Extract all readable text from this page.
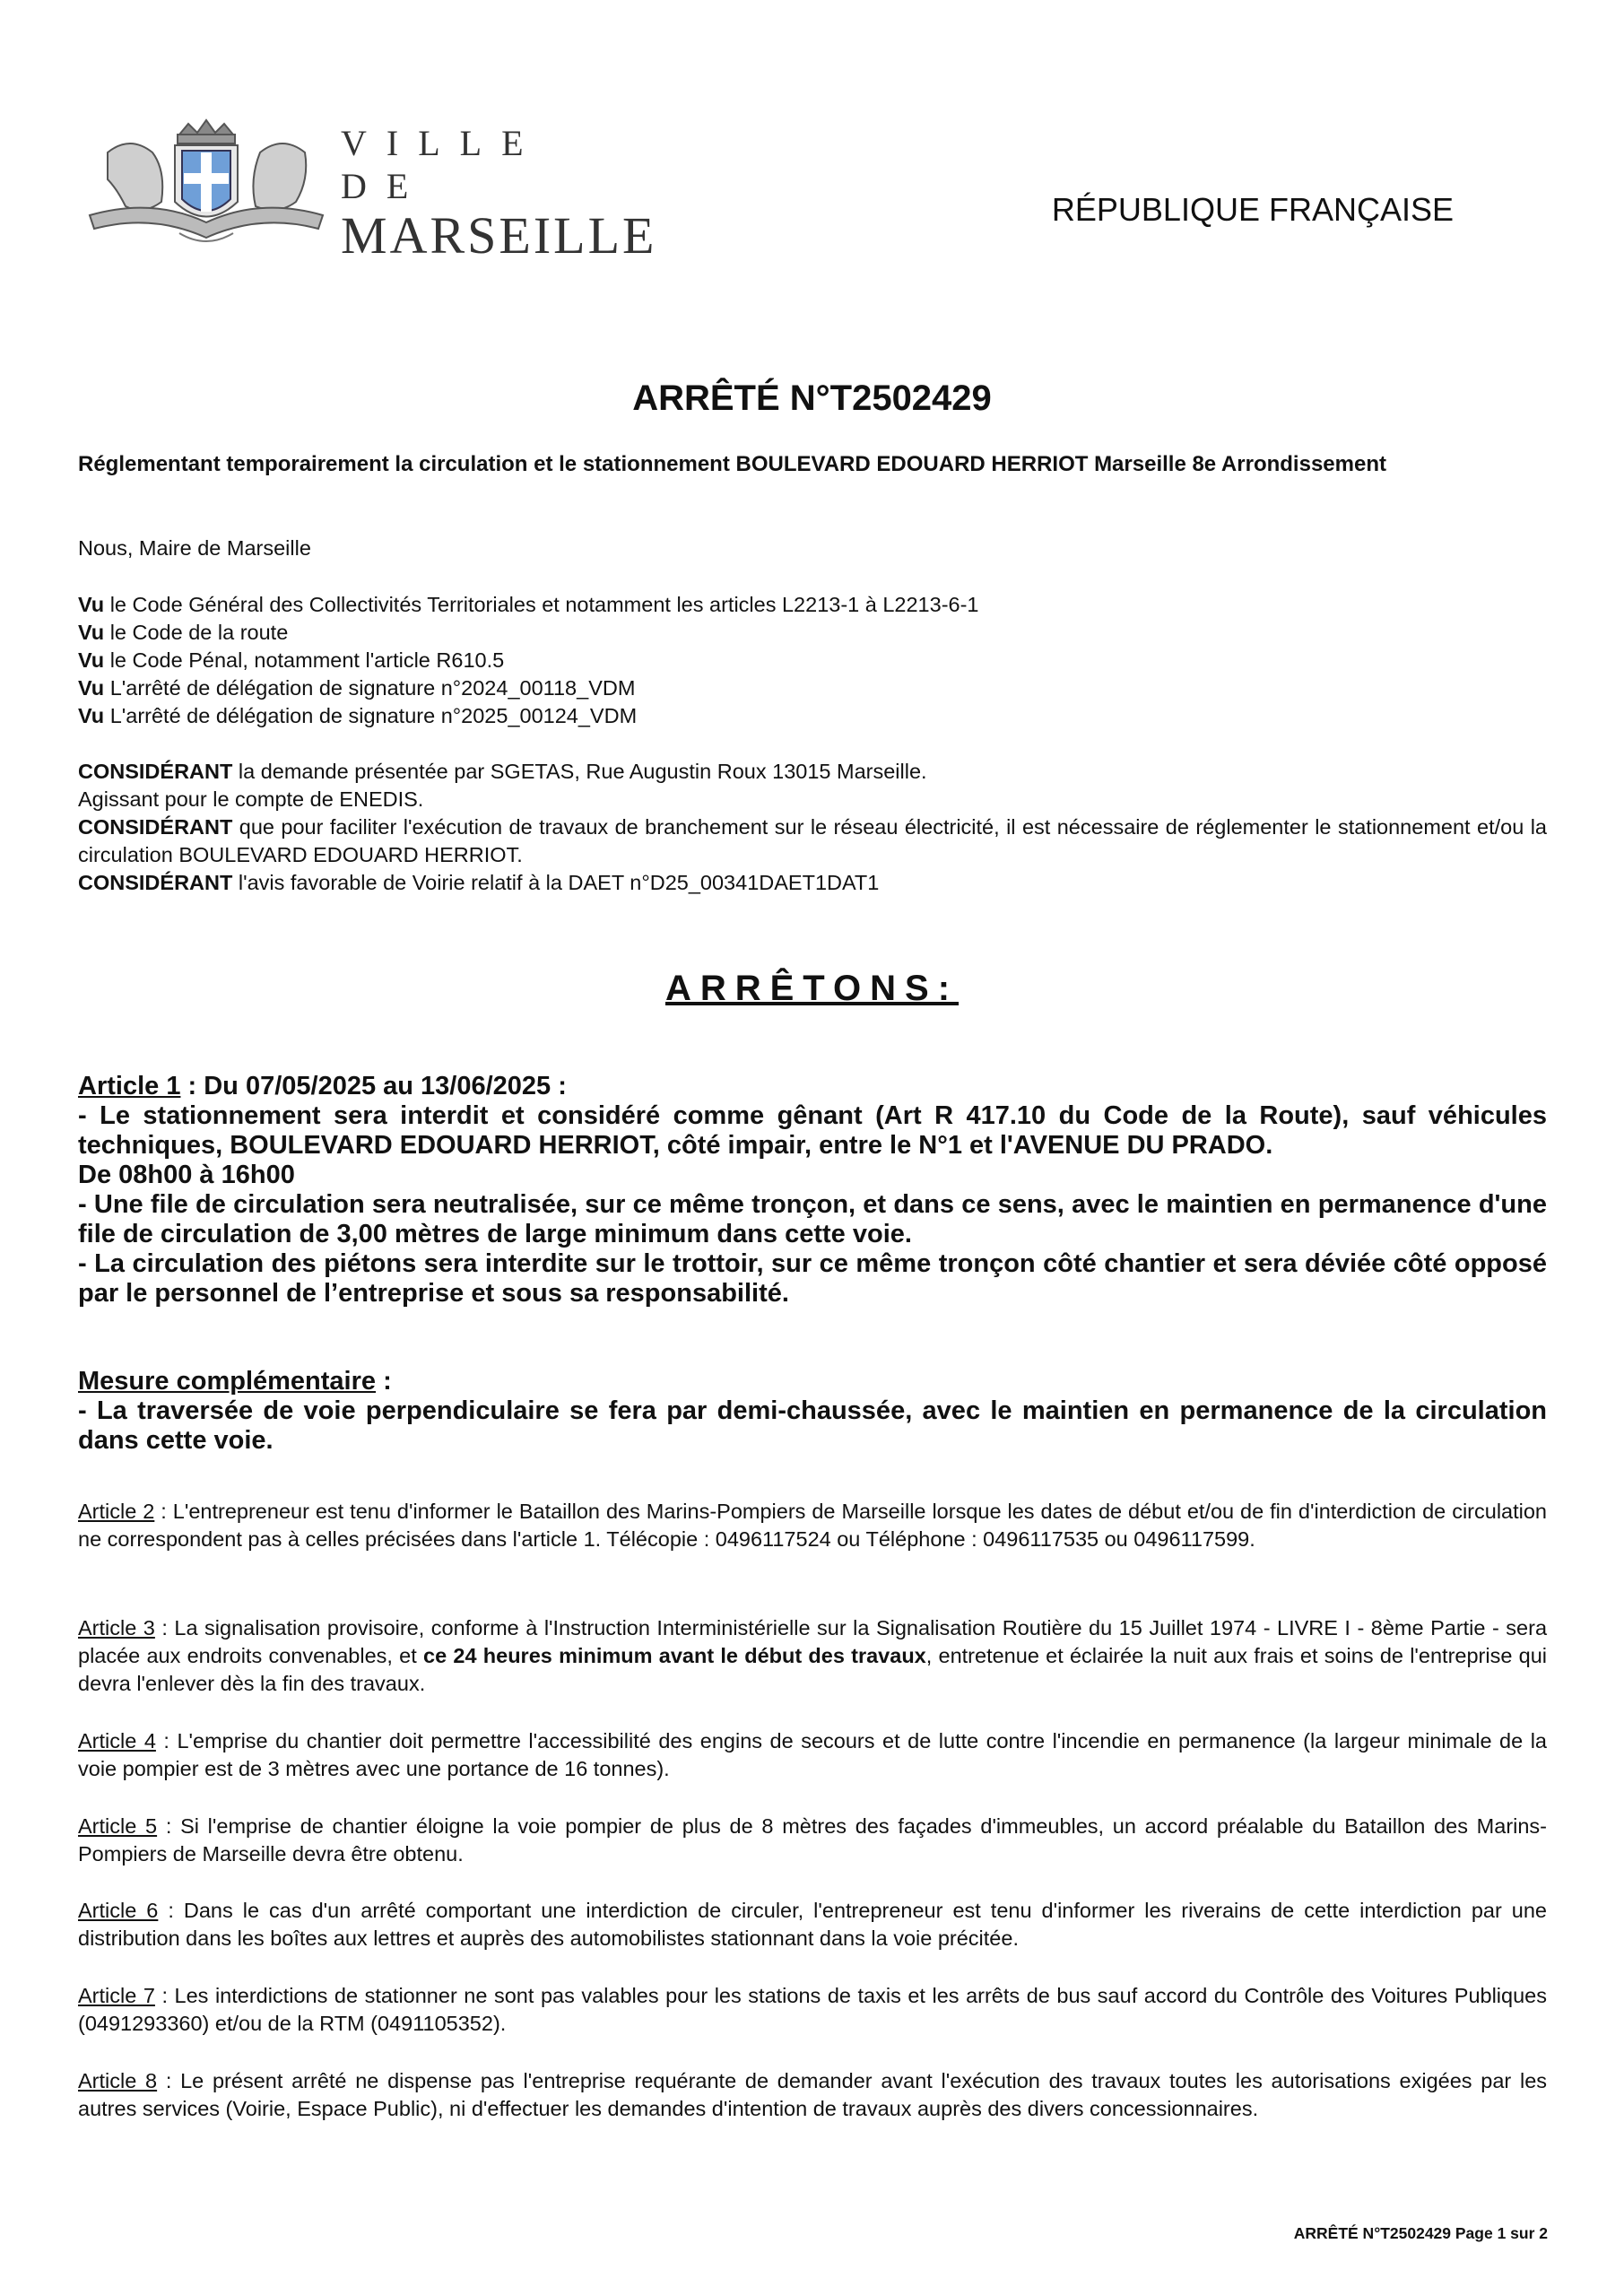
VILLE DE
MARSEILLE	RÉPUBLIQUE FRANÇAISE
ARRÊTÉ N°T2502429
Réglementant temporairement la circulation et le stationnement BOULEVARD EDOUARD HERRIOT Marseille 8e Arrondissement

Nous, Maire de Marseille

Vu le Code Général des Collectivités Territoriales et notamment les articles L2213-1 à L2213-6-1

Vu le Code de la route

Vu le Code Pénal, notamment l'article R610.5

Vu L'arrêté de délégation de signature n°2024_00118_VDM

Vu L'arrêté de délégation de signature n°2025_00124_VDM

CONSIDÉRANT la demande présentée par SGETAS, Rue Augustin Roux 13015 Marseille.

Agissant pour le compte de ENEDIS.

CONSIDÉRANT que pour faciliter l'exécution de travaux de branchement sur le réseau électricité, il est nécessaire de réglementer le stationnement et/ou la circulation BOULEVARD EDOUARD HERRIOT.

CONSIDÉRANT l'avis favorable de Voirie relatif à la DAET n°D25_00341DAET1DAT1

ARRÊTONS:

Article 1 : Du 07/05/2025 au 13/06/2025 :

- Le stationnement sera interdit et considéré comme gênant (Art R 417.10 du Code de la Route), sauf véhicules techniques, BOULEVARD EDOUARD HERRIOT, côté impair, entre le N°1 et l'AVENUE DU PRADO.

De 08h00 à 16h00

- Une file de circulation sera neutralisée, sur ce même tronçon, et dans ce sens, avec le maintien en permanence d'une file de circulation de 3,00 mètres de large minimum dans cette voie.

- La circulation des piétons sera interdite sur le trottoir, sur ce même tronçon côté chantier et sera déviée côté opposé par le personnel de l’entreprise et sous sa responsabilité.

Mesure complémentaire :

- La traversée de voie perpendiculaire se fera par demi-chaussée, avec le maintien en permanence de la circulation dans cette voie.

Article 2 : L'entrepreneur est tenu d'informer le Bataillon des Marins-Pompiers de Marseille lorsque les dates de début et/ou de fin d'interdiction de circulation ne correspondent pas à celles précisées dans l'article 1. Télécopie : 0496117524 ou Téléphone : 0496117535 ou 0496117599.

Article 3 : La signalisation provisoire, conforme à l'Instruction Interministérielle sur la Signalisation Routière du 15 Juillet 1974 - LIVRE I - 8ème Partie - sera placée aux endroits convenables, et ce 24 heures minimum avant le début des travaux, entretenue et éclairée la nuit aux frais et soins de l'entreprise qui devra l'enlever dès la fin des travaux.

Article 4 : L'emprise du chantier doit permettre l'accessibilité des engins de secours et de lutte contre l'incendie en permanence (la largeur minimale de la voie pompier est de 3 mètres avec une portance de 16 tonnes).

Article 5 : Si l'emprise de chantier éloigne la voie pompier de plus de 8 mètres des façades d'immeubles, un accord préalable du Bataillon des Marins-Pompiers de Marseille devra être obtenu.

Article 6 : Dans le cas d'un arrêté comportant une interdiction de circuler, l'entrepreneur est tenu d'informer les riverains de cette interdiction par une distribution dans les boîtes aux lettres et auprès des automobilistes stationnant dans la voie précitée.

Article 7 : Les interdictions de stationner ne sont pas valables pour les stations de taxis et les arrêts de bus sauf accord du Contrôle des Voitures Publiques (0491293360) et/ou de la RTM (0491105352).

Article 8 : Le présent arrêté ne dispense pas l'entreprise requérante de demander avant l'exécution des travaux toutes les autorisations exigées par les autres services (Voirie, Espace Public), ni d'effectuer les demandes d'intention de travaux auprès des divers concessionnaires.

ARRÊTÉ N°T2502429 Page 1 sur 2
